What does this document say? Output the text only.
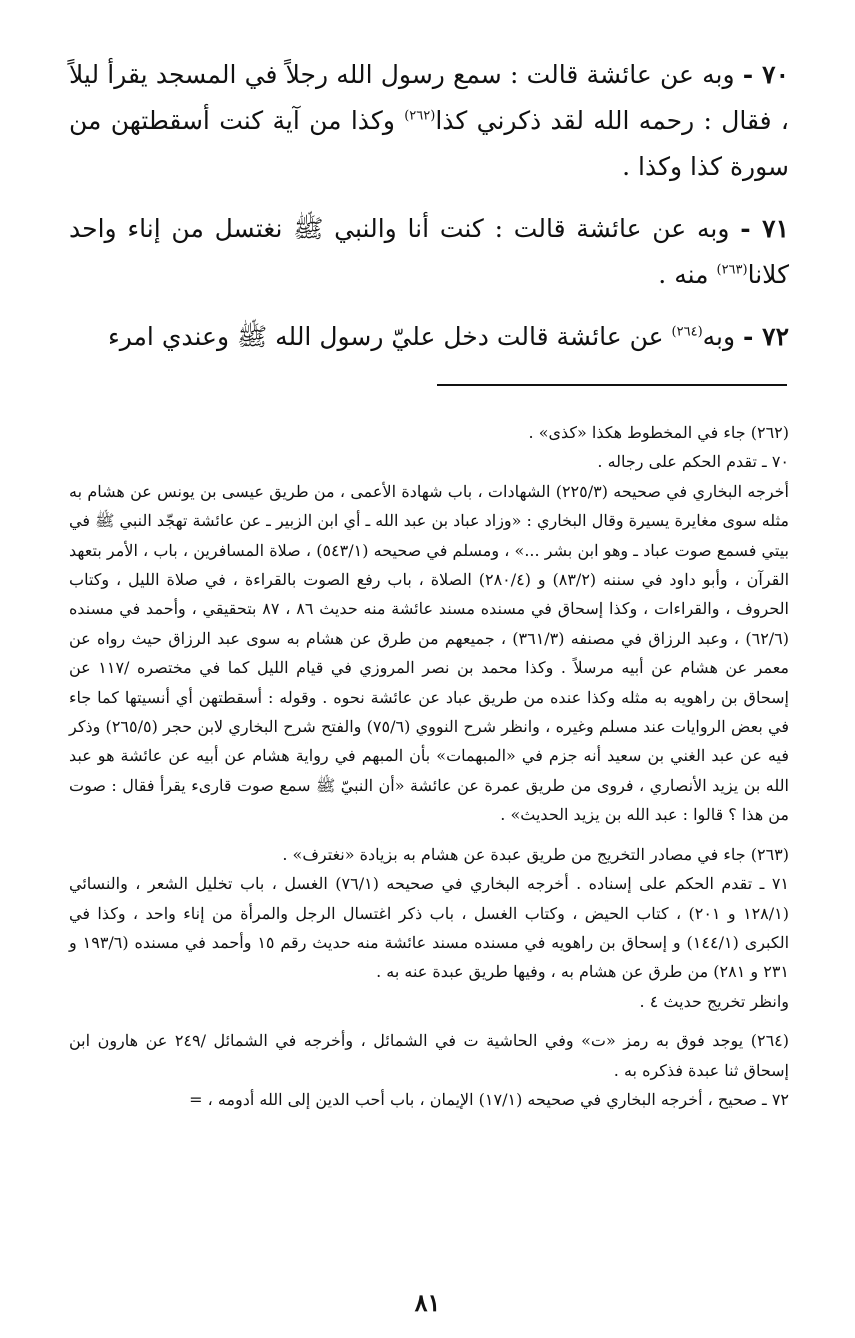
٧٠ - وبه عن عائشة قالت : سمع رسول الله رجلاً في المسجد يقرأ ليلاً ، فقال : رحمه الله لقد ذكرني كذا$^{(٢٦٢)}$ وكذا من آية كنت أسقطتهن من سورة كذا وكذا .

٧١ - وبه عن عائشة قالت : كنت أنا والنبي ﷺ نغتسل من إناء واحد كلانا$^{(٢٦٣)}$ منه .

٧٢ - وبه$^{(٢٦٤)}$ عن عائشة قالت دخل عليّ رسول الله ﷺ وعندي امرء

(٢٦٢) جاء في المخطوط هكذا «كذى» .

٧٠ ـ تقدم الحكم على رجاله .

أخرجه البخاري في صحيحه (٢٢٥/٣) الشهادات ، باب شهادة الأعمى ، من طريق عيسى بن يونس عن هشام به مثله سوى مغايرة يسيرة وقال البخاري : «وزاد عباد بن عبد الله ـ أي ابن الزبير ـ عن عائشة تهجّد النبي ﷺ في بيتي فسمع صوت عباد ـ وهو ابن بشر ...» ، ومسلم في صحيحه (٥٤٣/١) ، صلاة المسافرين ، باب ، الأمر بتعهد القرآن ، وأبو داود في سننه (٨٣/٢) و (٢٨٠/٤) الصلاة ، باب رفع الصوت بالقراءة ، في صلاة الليل ، وكتاب الحروف ، والقراءات ، وكذا إسحاق في مسنده مسند عائشة منه حديث ٨٦ ، ٨٧ بتحقيقي ، وأحمد في مسنده (٦٢/٦) ، وعبد الرزاق في مصنفه (٣٦١/٣) ، جميعهم من طرق عن هشام به سوى عبد الرزاق حيث رواه عن معمر عن هشام عن أبيه مرسلاً . وكذا محمد بن نصر المروزي في قيام الليل كما في مختصره /١١٧ عن إسحاق بن راهويه به مثله وكذا عنده من طريق عباد عن عائشة نحوه . وقوله : أسقطتهن أي أنسيتها كما جاء في بعض الروايات عند مسلم وغيره ، وانظر شرح النووي (٧٥/٦) والفتح شرح البخاري لابن حجر (٢٦٥/٥) وذكر فيه عن عبد الغني بن سعيد أنه جزم في «المبهمات» بأن المبهم في رواية هشام عن أبيه عن عائشة هو عبد الله بن يزيد الأنصاري ، فروى من طريق عمرة عن عائشة «أن النبيّ ﷺ سمع صوت قارىء يقرأ فقال : صوت من هذا ؟ قالوا : عبد الله بن يزيد الحديث» .

(٢٦٣) جاء في مصادر التخريج من طريق عبدة عن هشام به بزيادة «نغترف» .

٧١ ـ تقدم الحكم على إسناده . أخرجه البخاري في صحيحه (٧٦/١) الغسل ، باب تخليل الشعر ، والنسائي (١٢٨/١ و ٢٠١) ، كتاب الحيض ، وكتاب الغسل ، باب ذكر اغتسال الرجل والمرأة من إناء واحد ، وكذا في الكبرى (١٤٤/١) و إسحاق بن راهويه في مسنده مسند عائشة منه حديث رقم ١٥ وأحمد في مسنده (١٩٣/٦ و ٢٣١ و ٢٨١) من طرق عن هشام به ، وفيها طريق عبدة عنه به .

وانظر تخريج حديث ٤ .

(٢٦٤) يوجد فوق به رمز «ت» وفي الحاشية ت في الشمائل ، وأخرجه في الشمائل /٢٤٩ عن هارون ابن إسحاق ثنا عبدة فذكره به .

٧٢ ـ صحيح ، أخرجه البخاري في صحيحه (١٧/١) الإيمان ، باب أحب الدين إلى الله أدومه ، =

٨١
